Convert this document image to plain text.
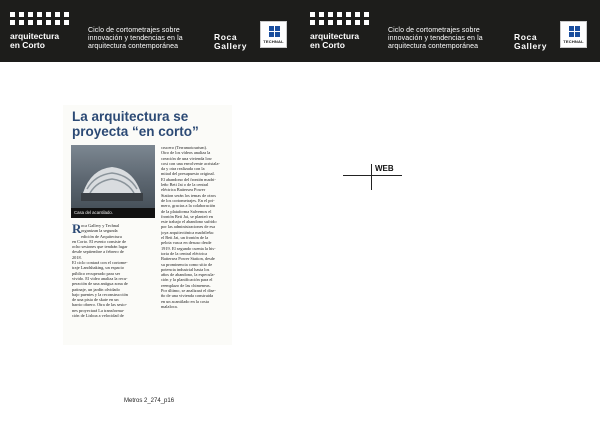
arquitectura
en Corto
Ciclo de cortometrajes sobre
innovación y tendencias en la
arquitectura contemporánea
Roca
Gallery	TECHNAL
arquitectura
en Corto
Ciclo de cortometrajes sobre
innovación y tendencias en la
arquitectura contemporánea
Roca
Gallery	TECHNAL
La arquitectura se
proyecta “en corto”
Casa del acantilado.
R oca Gallery y Technal

organizan la segunda

edición de Arquitectura

en Corto. El evento consiste de

ocho sesiones que tendrán lugar

desde septiembre a febrero de

2018.

El ciclo contará con el cortome-

traje Landshaking, un espacio

público recuperado para ser

vivido. El video analiza la recu-

peración de una antigua zona de

patinaje, un jardín olvidado

bajo puentes y la reconstrucción

de una pista de skate en un

barrio obrero. Otra de las sesio-

nes proyectará La transforma-

ción de Lisboa a velocidad de

crucero (Terramotourism).

Otro de los vídeos analiza la

creación de una vivienda low

cost con una envolvente acristala-

da y otra realizada con la

mitad del presupuesto original.

El abandono del frontón madri-

leño Beti Jai o de la central

eléctrica Battersea Power

Station serán los temas de otros

de los cortometrajes. En el pri-

mero, gracias a la colaboración

de la plataforma Salvemos el

frontón Beti Jai, se planteó en

este trabajo el abandono sufrido

por las administraciones de esa

joya arquitectónica madrileña:

el Beti Jai, un frontón de la

pelota vasca en desuso desde

1919. El segundo cuenta la his-

toria de la central eléctrica

Battersea Power Station, desde

su prominencia como sitio de

potencia industrial hasta los

años de abandono, la especula-

ción y la planificación para el

reemplazo de las chimeneas.

Por último, se analizará el dise-

ño de una vivienda construida

en un acantilado en la costa

malaloca.

WEB
Metros 2_274_p16
